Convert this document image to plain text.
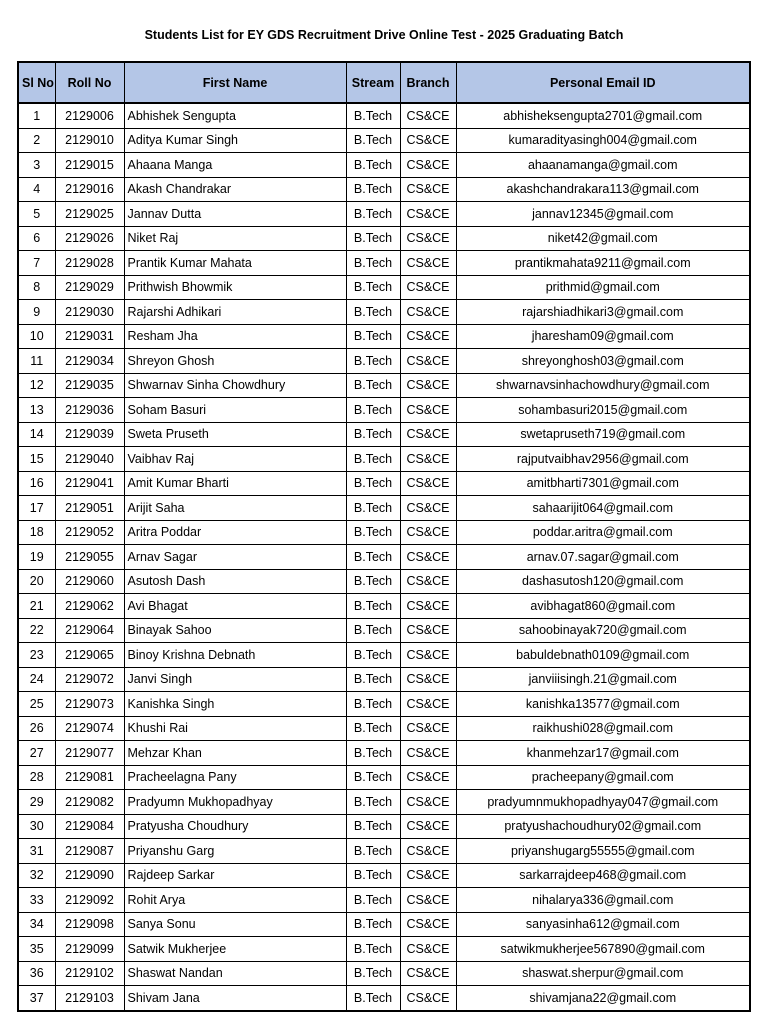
Students List for EY GDS Recruitment Drive Online Test - 2025 Graduating Batch
Sl No	Roll No	First Name	Stream	Branch	Personal Email ID
1	2129006	Abhishek Sengupta	B.Tech	CS&CE	abhisheksengupta2701@gmail.com
2	2129010	Aditya Kumar Singh	B.Tech	CS&CE	kumaradityasingh004@gmail.com
3	2129015	Ahaana Manga	B.Tech	CS&CE	ahaanamanga@gmail.com
4	2129016	Akash Chandrakar	B.Tech	CS&CE	akashchandrakara113@gmail.com
5	2129025	Jannav Dutta	B.Tech	CS&CE	jannav12345@gmail.com
6	2129026	Niket Raj	B.Tech	CS&CE	niket42@gmail.com
7	2129028	Prantik Kumar Mahata	B.Tech	CS&CE	prantikmahata9211@gmail.com
8	2129029	Prithwish Bhowmik	B.Tech	CS&CE	prithmid@gmail.com
9	2129030	Rajarshi Adhikari	B.Tech	CS&CE	rajarshiadhikari3@gmail.com
10	2129031	Resham Jha	B.Tech	CS&CE	jharesham09@gmail.com
11	2129034	Shreyon Ghosh	B.Tech	CS&CE	shreyonghosh03@gmail.com
12	2129035	Shwarnav Sinha Chowdhury	B.Tech	CS&CE	shwarnavsinhachowdhury@gmail.com
13	2129036	Soham Basuri	B.Tech	CS&CE	sohambasuri2015@gmail.com
14	2129039	Sweta Pruseth	B.Tech	CS&CE	swetapruseth719@gmail.com
15	2129040	Vaibhav Raj	B.Tech	CS&CE	rajputvaibhav2956@gmail.com
16	2129041	Amit Kumar Bharti	B.Tech	CS&CE	amitbharti7301@gmail.com
17	2129051	Arijit Saha	B.Tech	CS&CE	sahaarijit064@gmail.com
18	2129052	Aritra Poddar	B.Tech	CS&CE	poddar.aritra@gmail.com
19	2129055	Arnav Sagar	B.Tech	CS&CE	arnav.07.sagar@gmail.com
20	2129060	Asutosh Dash	B.Tech	CS&CE	dashasutosh120@gmail.com
21	2129062	Avi Bhagat	B.Tech	CS&CE	avibhagat860@gmail.com
22	2129064	Binayak Sahoo	B.Tech	CS&CE	sahoobinayak720@gmail.com
23	2129065	Binoy Krishna Debnath	B.Tech	CS&CE	babuldebnath0109@gmail.com
24	2129072	Janvi Singh	B.Tech	CS&CE	janviiisingh.21@gmail.com
25	2129073	Kanishka Singh	B.Tech	CS&CE	kanishka13577@gmail.com
26	2129074	Khushi Rai	B.Tech	CS&CE	raikhushi028@gmail.com
27	2129077	Mehzar Khan	B.Tech	CS&CE	khanmehzar17@gmail.com
28	2129081	Pracheelagna Pany	B.Tech	CS&CE	pracheepany@gmail.com
29	2129082	Pradyumn Mukhopadhyay	B.Tech	CS&CE	pradyumnmukhopadhyay047@gmail.com
30	2129084	Pratyusha Choudhury	B.Tech	CS&CE	pratyushachoudhury02@gmail.com
31	2129087	Priyanshu Garg	B.Tech	CS&CE	priyanshugarg55555@gmail.com
32	2129090	Rajdeep Sarkar	B.Tech	CS&CE	sarkarrajdeep468@gmail.com
33	2129092	Rohit Arya	B.Tech	CS&CE	nihalarya336@gmail.com
34	2129098	Sanya Sonu	B.Tech	CS&CE	sanyasinha612@gmail.com
35	2129099	Satwik Mukherjee	B.Tech	CS&CE	satwikmukherjee567890@gmail.com
36	2129102	Shaswat Nandan	B.Tech	CS&CE	shaswat.sherpur@gmail.com
37	2129103	Shivam Jana	B.Tech	CS&CE	shivamjana22@gmail.com
